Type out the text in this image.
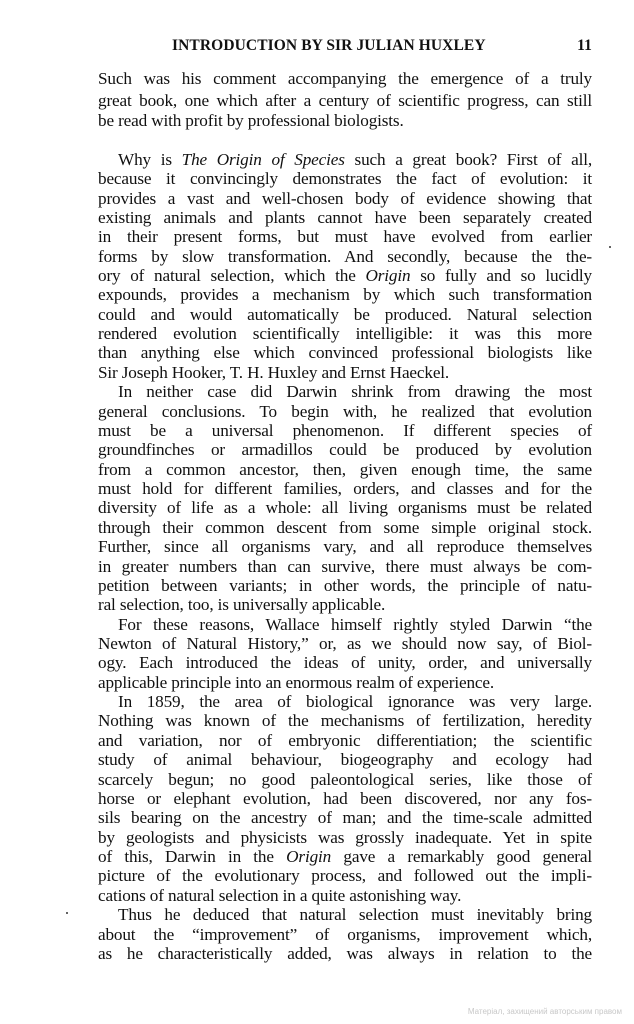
INTRODUCTION BY SIR JULIAN HUXLEY	11
Such was his comment accompanying the emergence of a truly
great book, one which after a century of scientific progress, can still
be read with profit by professional biologists.
Why is The Origin of Species such a great book? First of all,
because it convincingly demonstrates the fact of evolution: it
provides a vast and well-chosen body of evidence showing that
existing animals and plants cannot have been separately created
in their present forms, but must have evolved from earlier
forms by slow transformation. And secondly, because the the-
ory of natural selection, which the Origin so fully and so lucidly
expounds, provides a mechanism by which such transformation
could and would automatically be produced. Natural selection
rendered evolution scientifically intelligible: it was this more
than anything else which convinced professional biologists like
Sir Joseph Hooker, T. H. Huxley and Ernst Haeckel.
In neither case did Darwin shrink from drawing the most
general conclusions. To begin with, he realized that evolution
must be a universal phenomenon. If different species of
groundfinches or armadillos could be produced by evolution
from a common ancestor, then, given enough time, the same
must hold for different families, orders, and classes and for the
diversity of life as a whole: all living organisms must be related
through their common descent from some simple original stock.
Further, since all organisms vary, and all reproduce themselves
in greater numbers than can survive, there must always be com-
petition between variants; in other words, the principle of natu-
ral selection, too, is universally applicable.
For these reasons, Wallace himself rightly styled Darwin “the
Newton of Natural History,” or, as we should now say, of Biol-
ogy. Each introduced the ideas of unity, order, and universally
applicable principle into an enormous realm of experience.
In 1859, the area of biological ignorance was very large.
Nothing was known of the mechanisms of fertilization, heredity
and variation, nor of embryonic differentiation; the scientific
study of animal behaviour, biogeography and ecology had
scarcely begun; no good paleontological series, like those of
horse or elephant evolution, had been discovered, nor any fos-
sils bearing on the ancestry of man; and the time-scale admitted
by geologists and physicists was grossly inadequate. Yet in spite
of this, Darwin in the Origin gave a remarkably good general
picture of the evolutionary process, and followed out the impli-
cations of natural selection in a quite astonishing way.
Thus he deduced that natural selection must inevitably bring
about the “improvement” of organisms, improvement which,
as he characteristically added, was always in relation to the
Матеріал, захищений авторським правом
